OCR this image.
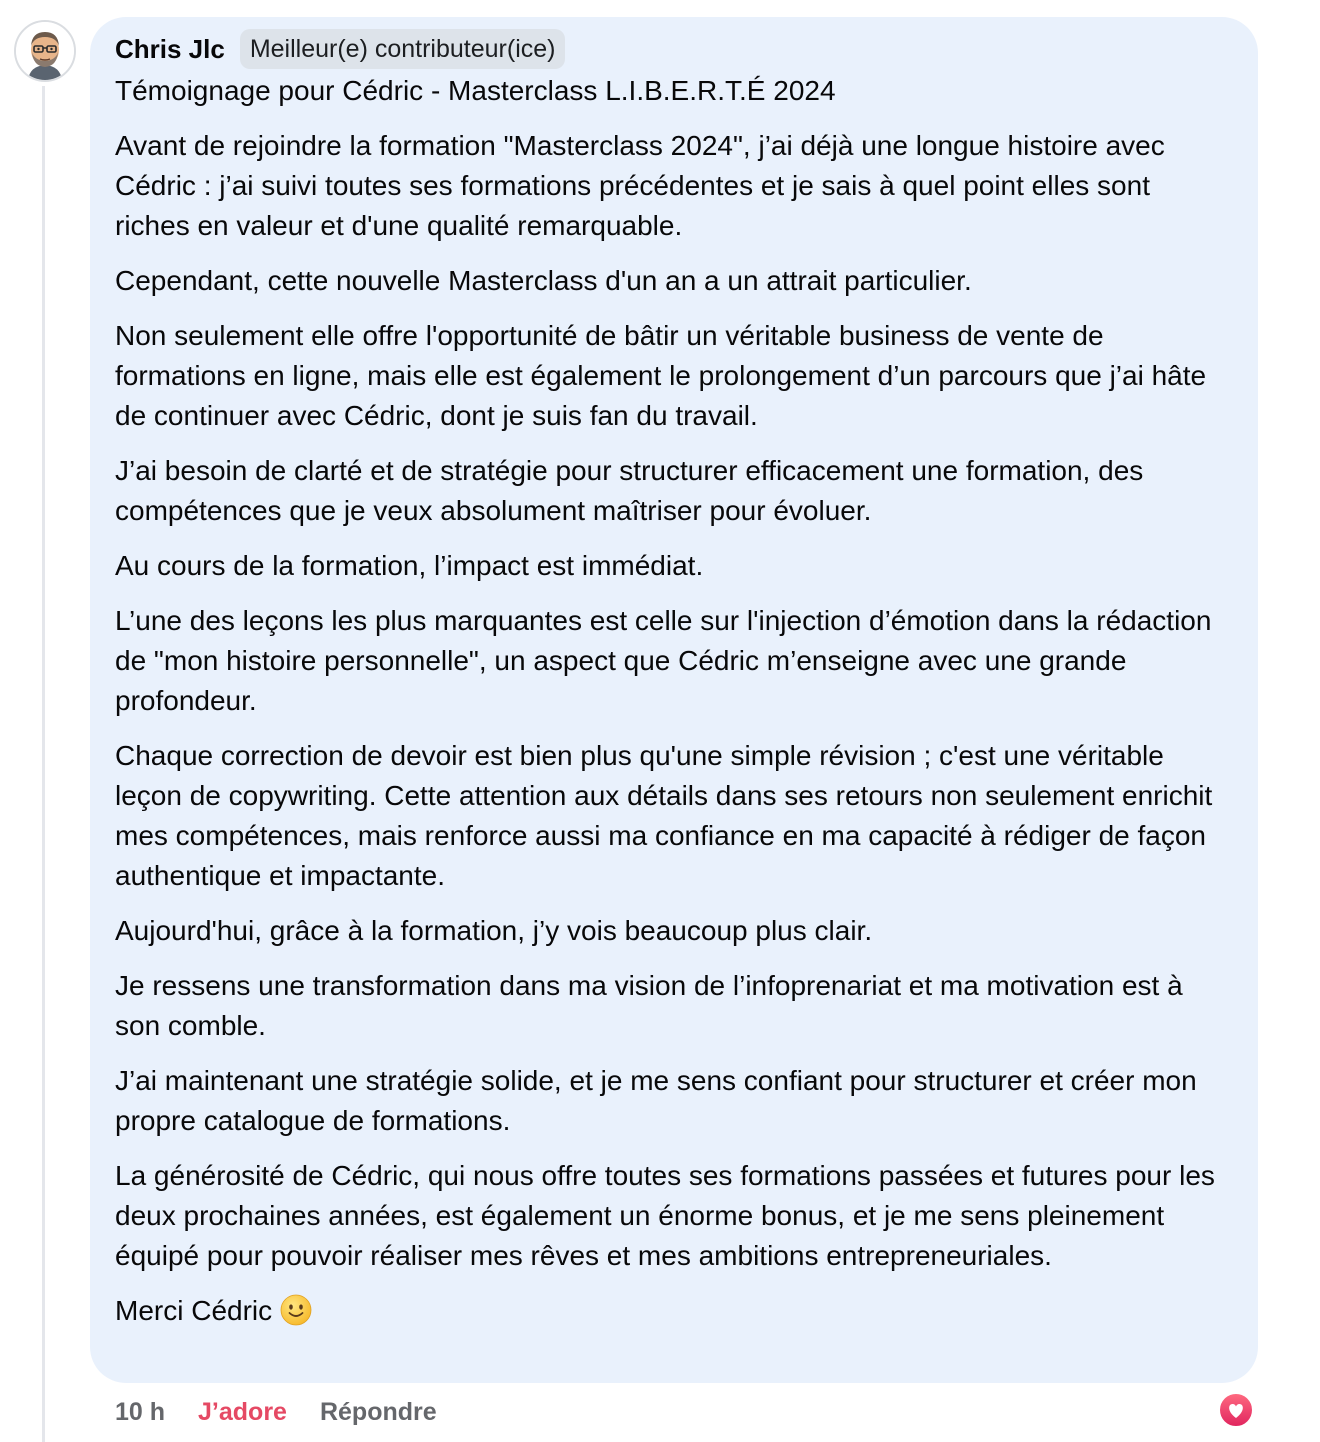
Chris Jlc	Meilleur(e) contributeur(ice)
Témoignage pour Cédric - Masterclass L.I.B.E.R.T.É 2024

Avant de rejoindre la formation "Masterclass 2024", j’ai déjà une longue histoire avec Cédric : j’ai suivi toutes ses formations précédentes et je sais à quel point elles sont riches en valeur et d'une qualité remarquable.

Cependant, cette nouvelle Masterclass d'un an a un attrait particulier.

Non seulement elle offre l'opportunité de bâtir un véritable business de vente de formations en ligne, mais elle est également le prolongement d’un parcours que j’ai hâte de continuer avec Cédric, dont je suis fan du travail.

J’ai besoin de clarté et de stratégie pour structurer efficacement une formation, des compétences que je veux absolument maîtriser pour évoluer.

Au cours de la formation, l’impact est immédiat.

L’une des leçons les plus marquantes est celle sur l'injection d’émotion dans la rédaction de "mon histoire personnelle", un aspect que Cédric m’enseigne avec une grande profondeur.

Chaque correction de devoir est bien plus qu'une simple révision ; c'est une véritable leçon de copywriting. Cette attention aux détails dans ses retours non seulement enrichit mes compétences, mais renforce aussi ma confiance en ma capacité à rédiger de façon authentique et impactante.

Aujourd'hui, grâce à la formation, j’y vois beaucoup plus clair.

Je ressens une transformation dans ma vision de l’infoprenariat et ma motivation est à son comble.

J’ai maintenant une stratégie solide, et je me sens confiant pour structurer et créer mon propre catalogue de formations.

La générosité de Cédric, qui nous offre toutes ses formations passées et futures pour les deux prochaines années, est également un énorme bonus, et je me sens pleinement équipé pour pouvoir réaliser mes rêves et mes ambitions entrepreneuriales.

Merci Cédric

10 h J’adore Répondre
